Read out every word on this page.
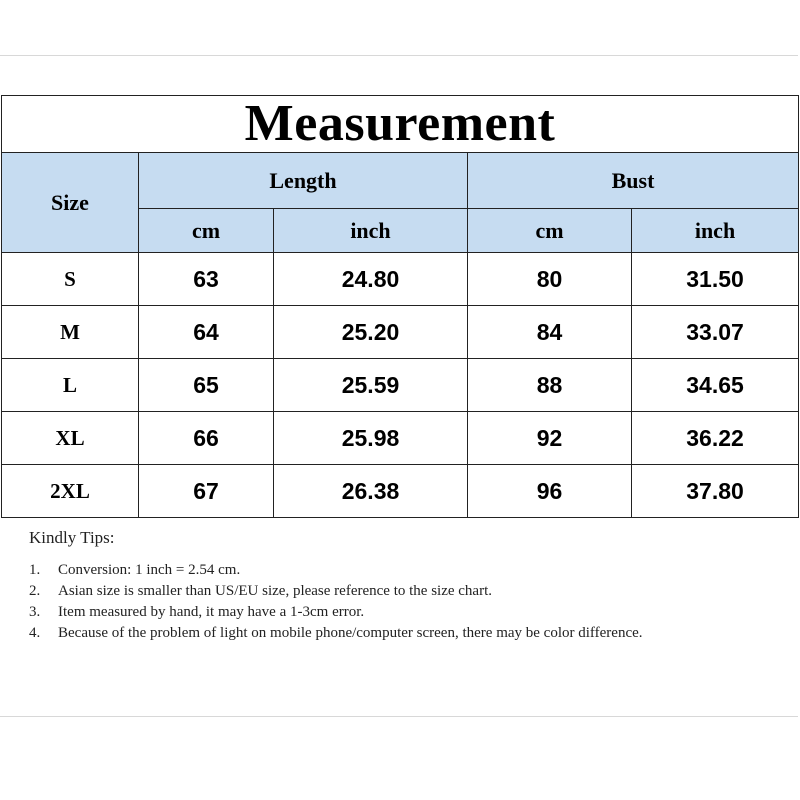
Measurement				
Size	Length		Bust	
	cm	inch	cm	inch
S	63	24.80	80	31.50
M	64	25.20	84	33.07
L	65	25.59	88	34.65
XL	66	25.98	92	36.22
2XL	67	26.38	96	37.80
Kindly Tips:
1. Conversion: 1 inch = 2.54 cm.
2. Asian size is smaller than US/EU size, please reference to the size chart.
3. Item measured by hand, it may have a 1-3cm error.
4. Because of the problem of light on mobile phone/computer screen, there may be color difference.
